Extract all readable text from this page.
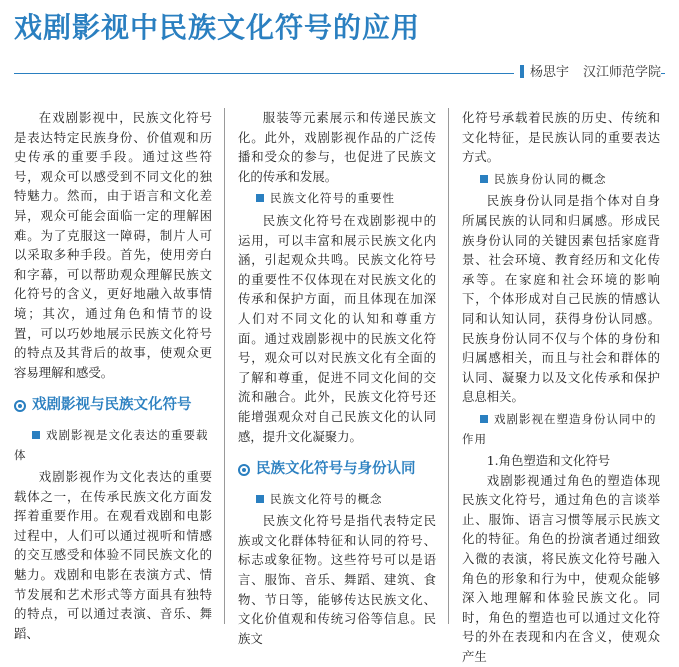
戏剧影视中民族文化符号的应用
杨思宇 汉江师范学院

在戏剧影视中，民族文化符号是表达特定民族身份、价值观和历史传承的重要手段。通过这些符号，观众可以感受到不同文化的独特魅力。然而，由于语言和文化差异，观众可能会面临一定的理解困难。为了克服这一障碍，制片人可以采取多种手段。首先，使用旁白和字幕，可以帮助观众理解民族文化符号的含义，更好地融入故事情境；其次，通过角色和情节的设置，可以巧妙地展示民族文化符号的特点及其背后的故事，使观众更容易理解和感受。

戏剧影视与民族文化符号
戏剧影视是文化表达的重要载体

戏剧影视作为文化表达的重要载体之一，在传承民族文化方面发挥着重要作用。在观看戏剧和电影过程中，人们可以通过视听和情感的交互感受和体验不同民族文化的魅力。戏剧和电影在表演方式、情节发展和艺术形式等方面具有独特的特点，可以通过表演、音乐、舞蹈、

服装等元素展示和传递民族文化。此外，戏剧影视作品的广泛传播和受众的参与，也促进了民族文化的传承和发展。

民族文化符号的重要性

民族文化符号在戏剧影视中的运用，可以丰富和展示民族文化内涵，引起观众共鸣。民族文化符号的重要性不仅体现在对民族文化的传承和保护方面，而且体现在加深人们对不同文化的认知和尊重方面。通过戏剧影视中的民族文化符号，观众可以对民族文化有全面的了解和尊重，促进不同文化间的交流和融合。此外，民族文化符号还能增强观众对自己民族文化的认同感，提升文化凝聚力。

民族文化符号与身份认同
民族文化符号的概念

民族文化符号是指代表特定民族或文化群体特征和认同的符号、标志或象征物。这些符号可以是语言、服饰、音乐、舞蹈、建筑、食物、节日等，能够传达民族文化、文化价值观和传统习俗等信息。民族文

化符号承载着民族的历史、传统和文化特征，是民族认同的重要表达方式。

民族身份认同的概念

民族身份认同是指个体对自身所属民族的认同和归属感。形成民族身份认同的关键因素包括家庭背景、社会环境、教育经历和文化传承等。在家庭和社会环境的影响下，个体形成对自己民族的情感认同和认知认同，获得身份认同感。民族身份认同不仅与个体的身份和归属感相关，而且与社会和群体的认同、凝聚力以及文化传承和保护息息相关。

戏剧影视在塑造身份认同中的作用

1.角色塑造和文化符号

戏剧影视通过角色的塑造体现民族文化符号，通过角色的言谈举止、服饰、语言习惯等展示民族文化的特征。角色的扮演者通过细致入微的表演，将民族文化符号融入角色的形象和行为中，使观众能够深入地理解和体验民族文化。同时，角色的塑造也可以通过文化符号的外在表现和内在含义，使观众产生
